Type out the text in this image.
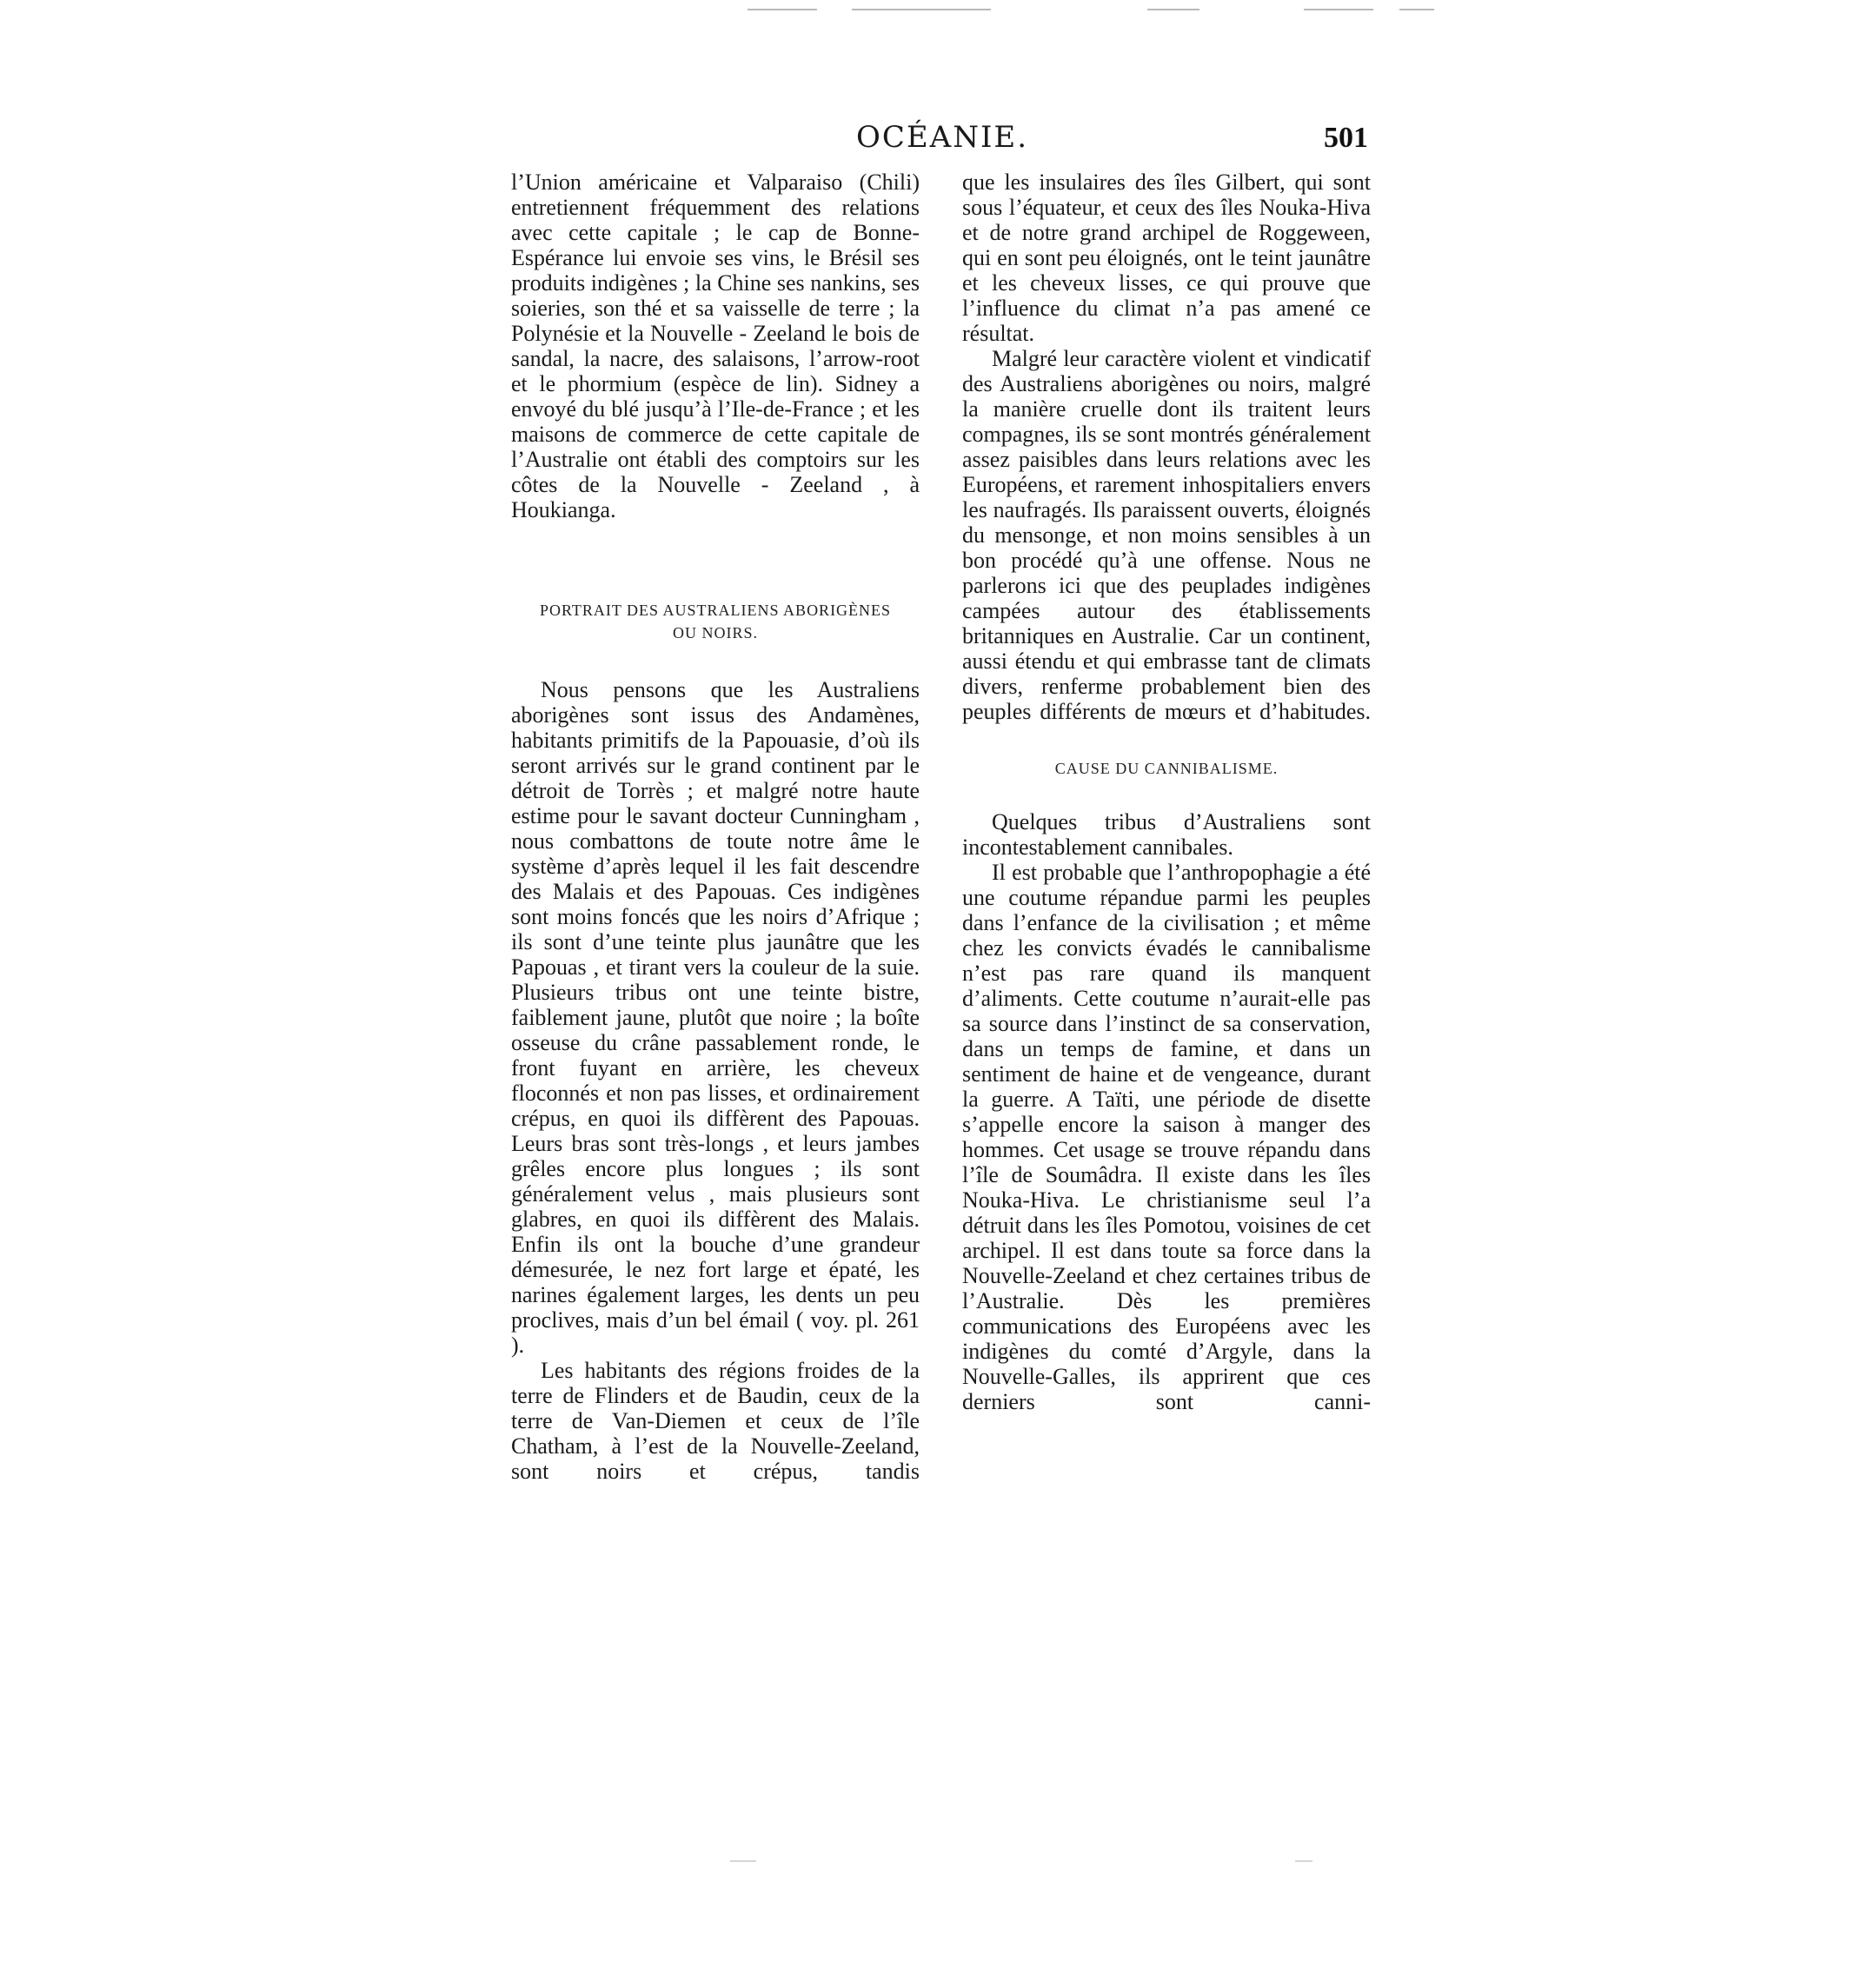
OCÉANIE.	501

l’Union américaine et Valparaiso (Chili) entretiennent fréquemment des relations avec cette capitale ; le cap de Bonne-Espérance lui envoie ses vins, le Brésil ses produits indigènes ; la Chine ses nankins, ses soieries, son thé et sa vaisselle de terre ; la Polynésie et la Nouvelle - Zeeland le bois de sandal, la nacre, des salaisons, l’arrow-root et le phormium (espèce de lin). Sidney a envoyé du blé jusqu’à l’Ile-de-France ; et les maisons de commerce de cette capitale de l’Australie ont établi des comptoirs sur les côtes de la Nouvelle - Zeeland , à Houkianga.

PORTRAIT DES AUSTRALIENS ABORIGÈNES
OU NOIRS.

Nous pensons que les Australiens aborigènes sont issus des Andamènes, habitants primitifs de la Papouasie, d’où ils seront arrivés sur le grand continent par le détroit de Torrès ; et malgré notre haute estime pour le savant docteur Cunningham , nous combattons de toute notre âme le système d’après lequel il les fait descendre des Malais et des Papouas. Ces indigènes sont moins foncés que les noirs d’Afrique ; ils sont d’une teinte plus jaunâtre que les Papouas , et tirant vers la couleur de la suie. Plusieurs tribus ont une teinte bistre, faiblement jaune, plutôt que noire ; la boîte osseuse du crâne passablement ronde, le front fuyant en arrière, les cheveux floconnés et non pas lisses, et ordinairement crépus, en quoi ils diffèrent des Papouas. Leurs bras sont très-longs , et leurs jambes grêles encore plus longues ; ils sont généralement velus , mais plusieurs sont glabres, en quoi ils diffèrent des Malais. Enfin ils ont la bouche d’une grandeur démesurée, le nez fort large et épaté, les narines également larges, les dents un peu proclives, mais d’un bel émail ( voy. pl. 261 ).

Les habitants des régions froides de la terre de Flinders et de Baudin, ceux de la terre de Van-Diemen et ceux de l’île Chatham, à l’est de la Nouvelle-Zeeland, sont noirs et crépus, tandis

que les insulaires des îles Gilbert, qui sont sous l’équateur, et ceux des îles Nouka-Hiva et de notre grand archipel de Roggeween, qui en sont peu éloignés, ont le teint jaunâtre et les cheveux lisses, ce qui prouve que l’influence du climat n’a pas amené ce résultat.

Malgré leur caractère violent et vindicatif des Australiens aborigènes ou noirs, malgré la manière cruelle dont ils traitent leurs compagnes, ils se sont montrés généralement assez paisibles dans leurs relations avec les Européens, et rarement inhospitaliers envers les naufragés. Ils paraissent ouverts, éloignés du mensonge, et non moins sensibles à un bon procédé qu’à une offense. Nous ne parlerons ici que des peuplades indigènes campées autour des établissements britanniques en Australie. Car un continent, aussi étendu et qui embrasse tant de climats divers, renferme probablement bien des peuples différents de mœurs et d’habitudes.

CAUSE DU CANNIBALISME.

Quelques tribus d’Australiens sont incontestablement cannibales.

Il est probable que l’anthropophagie a été une coutume répandue parmi les peuples dans l’enfance de la civilisation ; et même chez les convicts évadés le cannibalisme n’est pas rare quand ils manquent d’aliments. Cette coutume n’aurait-elle pas sa source dans l’instinct de sa conservation, dans un temps de famine, et dans un sentiment de haine et de vengeance, durant la guerre. A Taïti, une période de disette s’appelle encore la saison à manger des hommes. Cet usage se trouve répandu dans l’île de Soumâdra. Il existe dans les îles Nouka-Hiva. Le christianisme seul l’a détruit dans les îles Pomotou, voisines de cet archipel. Il est dans toute sa force dans la Nouvelle-Zeeland et chez certaines tribus de l’Australie. Dès les premières communications des Européens avec les indigènes du comté d’Argyle, dans la Nouvelle-Galles, ils apprirent que ces derniers sont canni-
